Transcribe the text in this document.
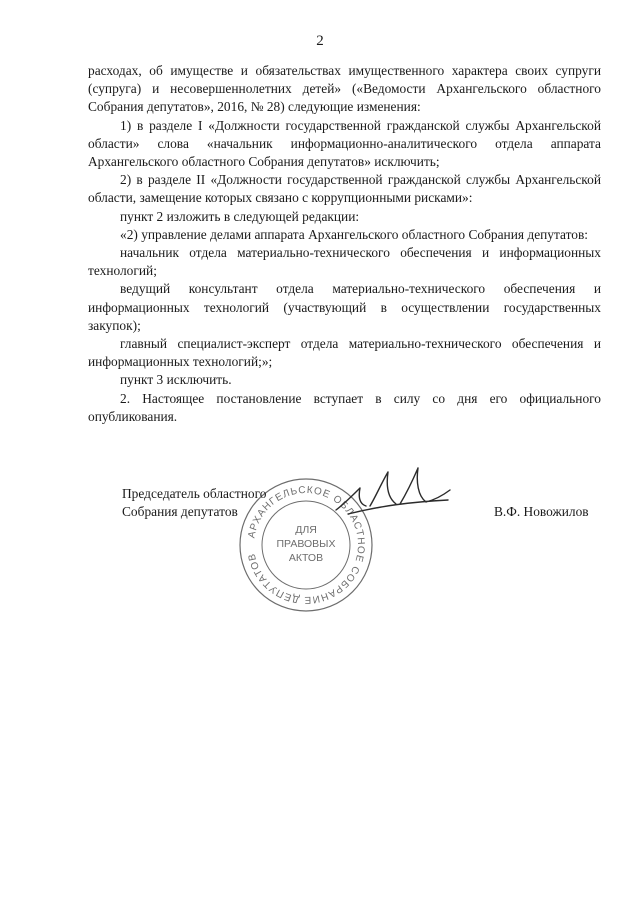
2

расходах, об имуществе и обязательствах имущественного характера своих супруги (супруга) и несовершеннолетних детей» («Ведомости Архангельского областного Собрания депутатов», 2016, № 28) следующие изменения:

1) в разделе I «Должности государственной гражданской службы Архангельской области» слова «начальник информационно-аналитического отдела аппарата Архангельского областного Собрания депутатов» исключить;

2) в разделе II «Должности государственной гражданской службы Архангельской области, замещение которых связано с коррупционными рисками»:

пункт 2 изложить в следующей редакции:

«2) управление делами аппарата Архангельского областного Собрания депутатов:

начальник отдела материально-технического обеспечения и информационных технологий;

ведущий консультант отдела материально-технического обеспечения и информационных технологий (участвующий в осуществлении государственных закупок);

главный специалист-эксперт отдела материально-технического обеспечения и информационных технологий;»;

пункт 3 исключить.

2. Настоящее постановление вступает в силу со дня его официального опубликования.

АРХАНГЕЛЬСКОЕ ОБЛАСТНОЕ СОБРАНИЕ ДЕПУТАТОВ
ДЛЯ
ПРАВОВЫХ
АКТОВ
Председатель областного
Собрания депутатов	В.Ф. Новожилов
